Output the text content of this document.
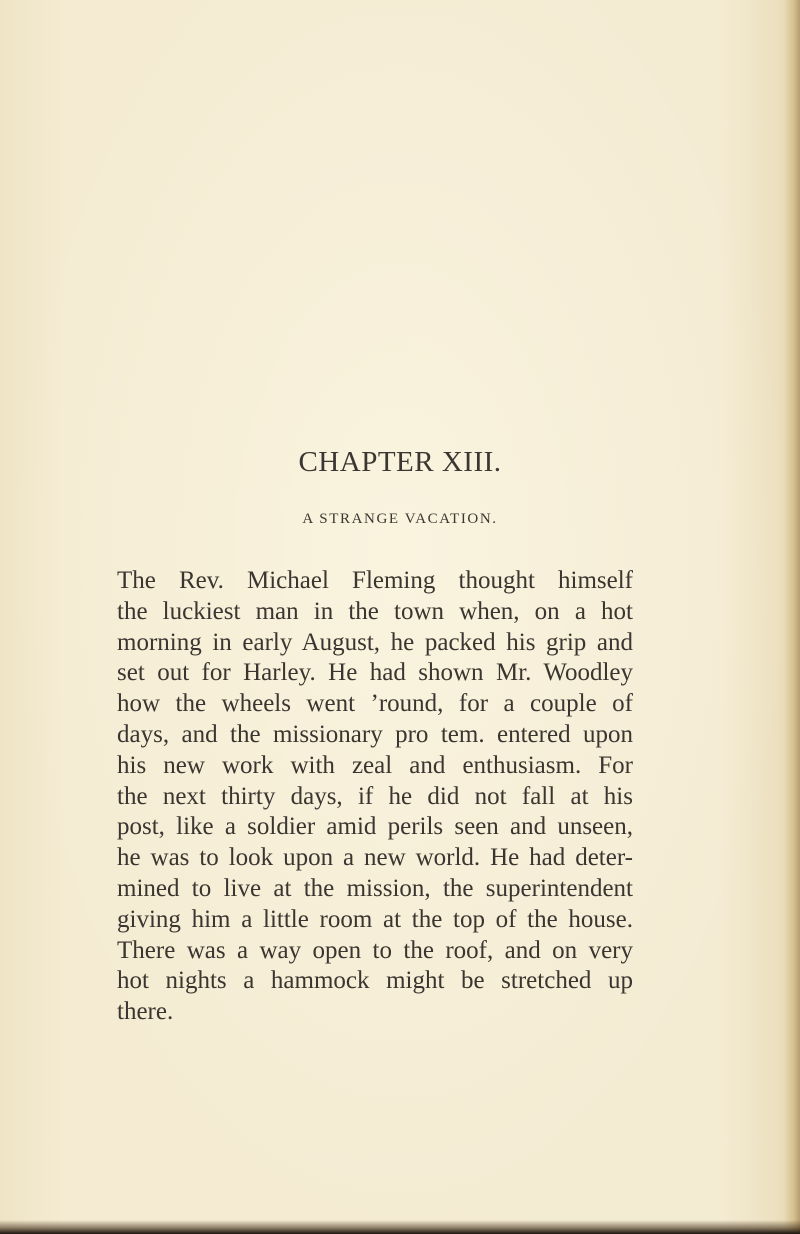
CHAPTER XIII.
A STRANGE VACATION.
The Rev. Michael Fleming thought himself
the luckiest man in the town when, on a hot
morning in early August, he packed his grip and
set out for Harley. He had shown Mr. Woodley
how the wheels went ’round, for a couple of
days, and the missionary pro tem. entered upon
his new work with zeal and enthusiasm. For
the next thirty days, if he did not fall at his
post, like a soldier amid perils seen and unseen,
he was to look upon a new world. He had deter-
mined to live at the mission, the superintendent
giving him a little room at the top of the house.
There was a way open to the roof, and on very
hot nights a hammock might be stretched up
there.
